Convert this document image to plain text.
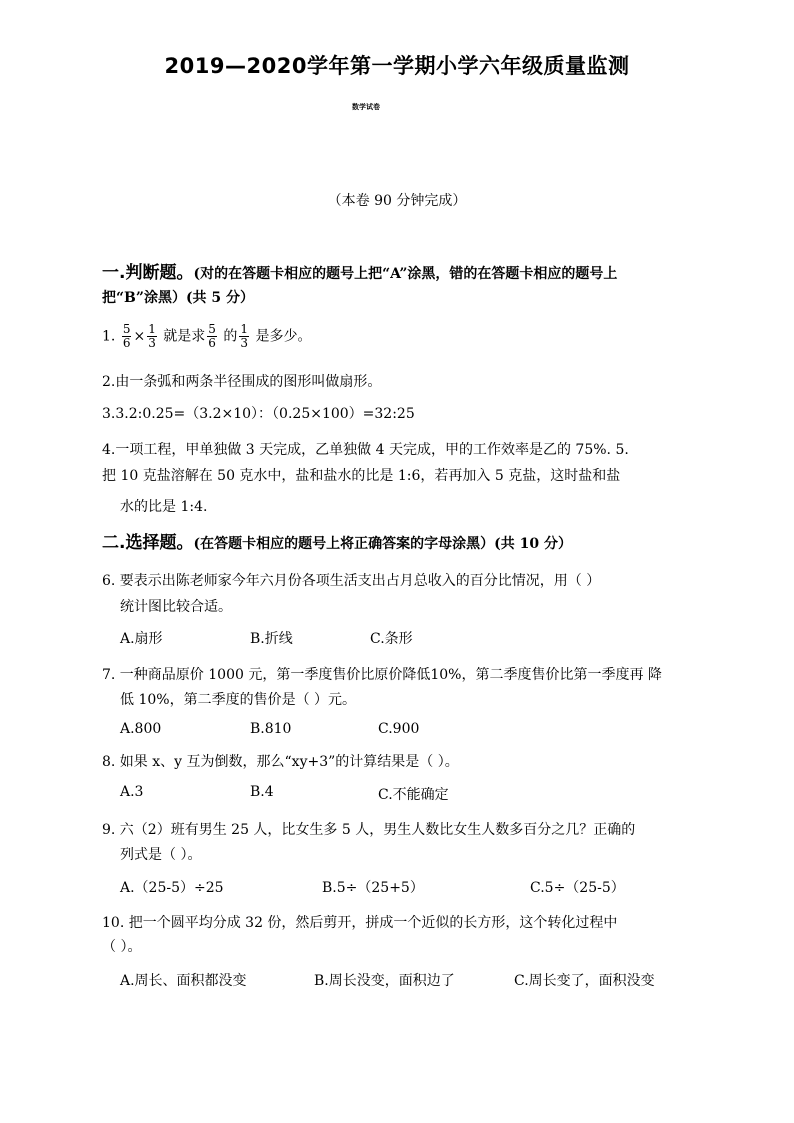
2019—2020学年第一学期小学六年级质量监测
数学试卷
（本卷 90 分钟完成）
一.判断题。(对的在答题卡相应的题号上把“A”涂黑，错的在答题卡相应的题号上
把“B”涂黑）(共 5 分）
1. $\frac{5}{6} \times \frac{1}{3}$ 就是求 $\frac{5}{6}$ 的 $\frac{1}{3}$ 是多少。
2.由一条弧和两条半径围成的图形叫做扇形。
3.3.2:0.25=（3.2×10）：（0.25×100）=32:25
4.一项工程，甲单独做 3 天完成，乙单独做 4 天完成，甲的工作效率是乙的 75%. 5.
把 10 克盐溶解在 50 克水中，盐和盐水的比是 1:6，若再加入 5 克盐，这时盐和盐
水的比是 1:4.
二.选择题。(在答题卡相应的题号上将正确答案的字母涂黑）(共 10 分）
6. 要表示出陈老师家今年六月份各项生活支出占月总收入的百分比情况，用（ ）
统计图比较合适。
A.扇形	B.折线	C.条形
7. 一种商品原价 1000 元，第一季度售价比原价降低10%，第二季度售价比第一季度再 降
低 10%，第二季度的售价是（ ）元。
A.800	B.810	C.900
8. 如果 x、y 互为倒数，那么“xy+3”的计算结果是（ ）。
A.3	B.4	C.不能确定
9. 六（2）班有男生 25 人，比女生多 5 人，男生人数比女生人数多百分之几？正确的
列式是（ ）。
A.（25-5）÷25	B.5÷（25+5）	C.5÷（25-5）
10. 把一个圆平均分成 32 份，然后剪开，拼成一个近似的长方形，这个转化过程中
（ ）。
A.周长、面积都没变	B.周长没变，面积边了	C.周长变了，面积没变
